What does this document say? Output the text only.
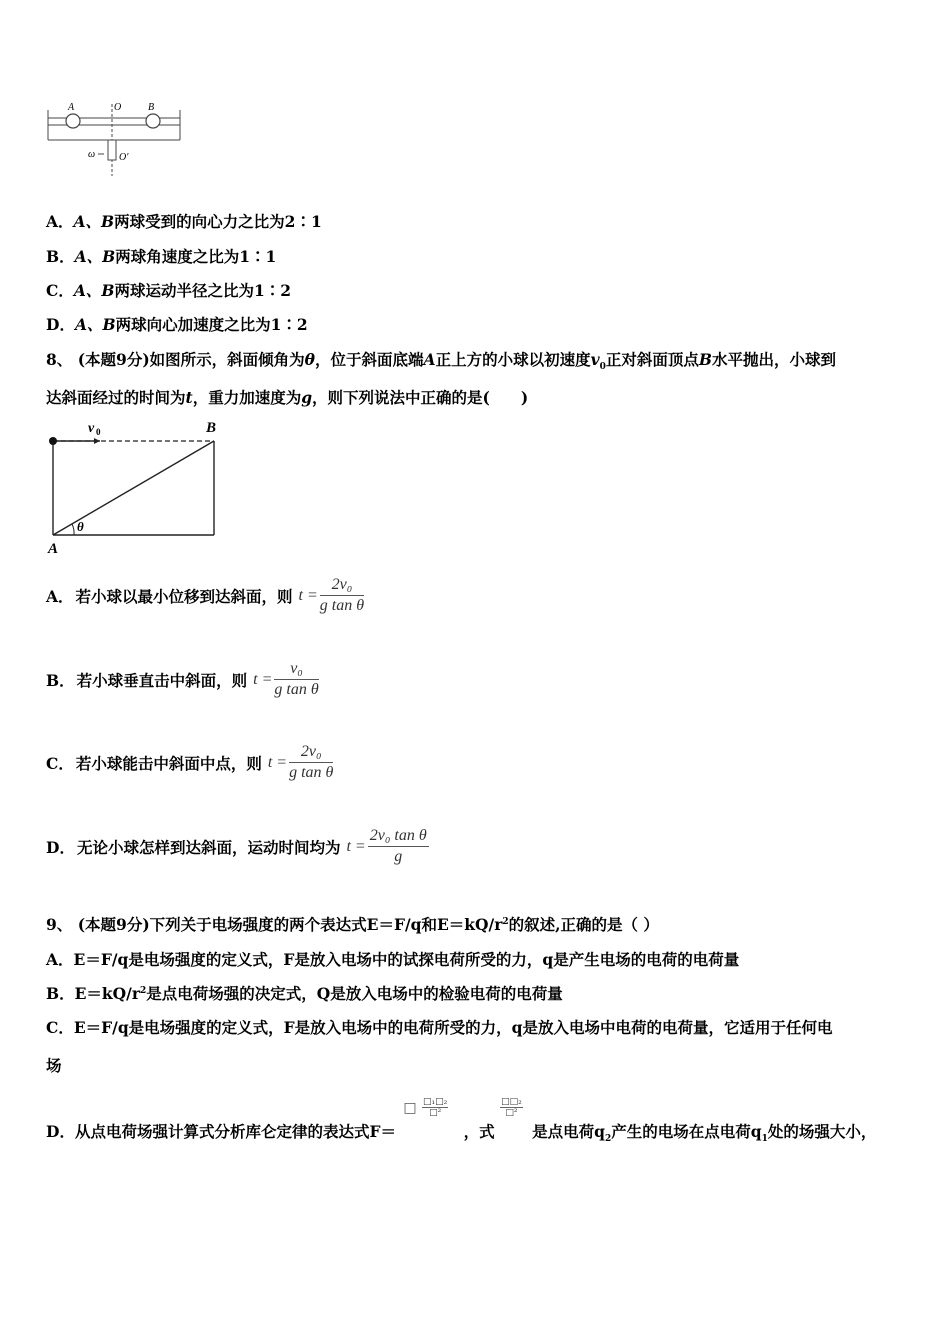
A	O	B
ω O′
A．A、B两球受到的向心力之比为2∶1
B．A、B两球角速度之比为1∶1
C．A、B两球运动半径之比为1∶2
D．A、B两球向心加速度之比为1∶2
8、 (本题9分)如图所示，斜面倾角为θ，位于斜面底端A正上方的小球以初速度$v_0$正对斜面顶点B水平抛出，小球到
达斜面经过的时间为t，重力加速度为g，则下列说法中正确的是(　　)
v 0	B
A
θ
A． 若小球以最小位移到达斜面，则 $t = \frac{\text{2v₀}}{\text{g tan θ}}$
B． 若小球垂直击中斜面，则 $t = \frac{\text{v₀}}{\text{g tan θ}}$
C． 若小球能击中斜面中点，则 $t = \frac{\text{2v₀}}{\text{g tan θ}}$
D． 无论小球怎样到达斜面，运动时间均为 $t = \frac{\text{2v₀ tan θ}}{g}$
9、 (本题9分)下列关于电场强度的两个表达式E＝F/q和$E=kQ/r^2$的叙述,正确的是（ ）
A．E＝F/q是电场强度的定义式，F是放入电场中的试探电荷所受的力，q是产生电场的电荷的电荷量
B．$E=kQ/r^2$是点电荷场强的决定式，Q是放入电场中的检验电荷的电荷量
C．E＝F/q是电场强度的定义式，F是放入电场中的电荷所受的力，q是放入电场中电荷的电荷量，它适用于任何电
场
D．从点电荷场强计算式分析库仑定律的表达式F＝ □ $\frac{\text{□₁□₂}}{\text{□²}}$
，式
$\frac{\text{□□₂}}{\text{□²}}$
是点电荷$q_2$产生的电场在点电荷$q_1$处的场强大小，
